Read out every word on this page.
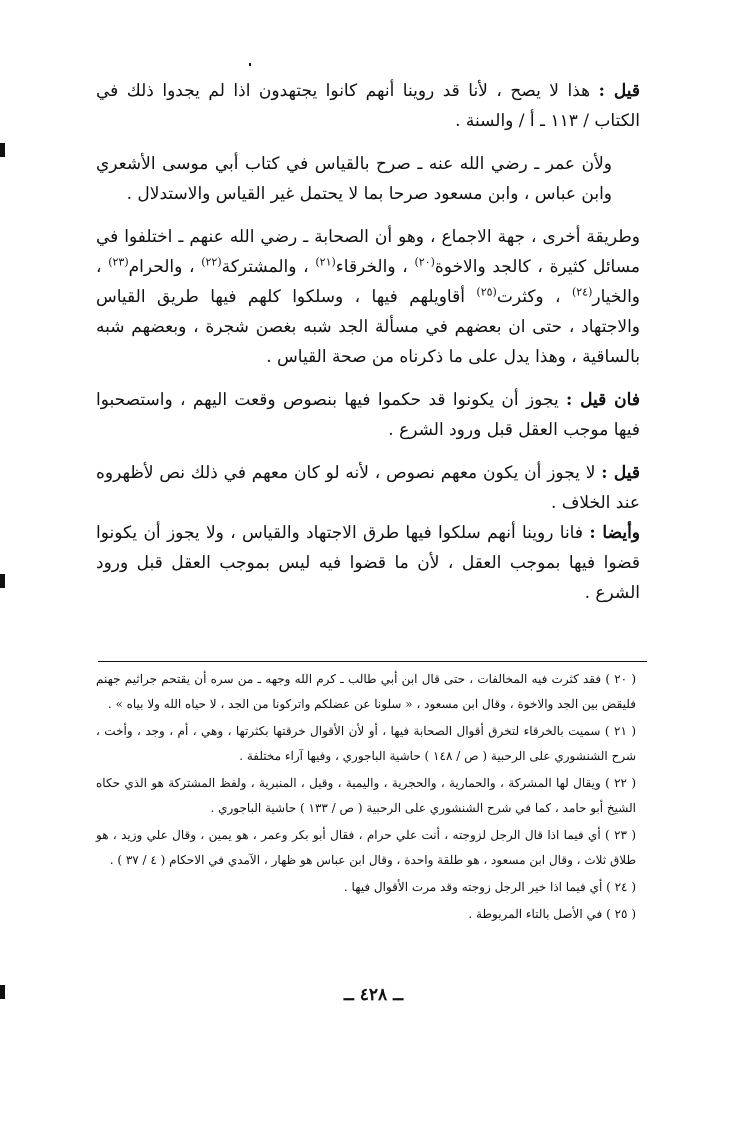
قيل : هذا لا يصح ، لأنا قد روينا أنهم كانوا يجتهدون اذا لم يجدوا ذلك في الكتاب / ١١٣ ـ أ / والسنة .

ولأن عمر ـ رضي الله عنه ـ صرح بالقياس في كتاب أبي موسى الأشعري وابن عباس ، وابن مسعود صرحا بما لا يحتمل غير القياس والاستدلال .

وطريقة أخرى ، جهة الاجماع ، وهو أن الصحابة ـ رضي الله عنهم ـ اختلفوا في مسائل كثيرة ، كالجد والاخوة$^{(٢٠)}$ ، والخرقاء$^{(٢١)}$ ، والمشتركة$^{(٢٢)}$ ، والحرام$^{(٢٣)}$ ، والخيار$^{(٢٤)}$ ، وكثرت$^{(٢٥)}$ أقاويلهم فيها ، وسلكوا كلهم فيها طريق القياس والاجتهاد ، حتى ان بعضهم في مسألة الجد شبه بغصن شجرة ، وبعضهم شبه بالساقية ، وهذا يدل على ما ذكرناه من صحة القياس .

فان قيل : يجوز أن يكونوا قد حكموا فيها بنصوص وقعت اليهم ، واستصحبوا فيها موجب العقل قبل ورود الشرع .

قيل : لا يجوز أن يكون معهم نصوص ، لأنه لو كان معهم في ذلك نص لأظهروه عند الخلاف .

وأيضا : فانا روينا أنهم سلكوا فيها طرق الاجتهاد والقياس ، ولا يجوز أن يكونوا قضوا فيها بموجب العقل ، لأن ما قضوا فيه ليس بموجب العقل قبل ورود الشرع .

( ٢٠ ) فقد كثرت فيه المخالفات ، حتى قال ابن أبي طالب ـ كرم الله وجهه ـ من سره أن يقتحم جراثيم جهنم فليقض بين الجد والاخوة ، وقال ابن مسعود ، « سلونا عن عضلكم واتركونا من الجد ، لا حياه الله ولا بياه » .

( ٢١ ) سميت بالخرقاء لتخرق أقوال الصحابة فيها ، أو لأن الأقوال خرقتها بكثرتها ، وهي ، أم ، وجد ، وأخت ، شرح الشنشوري على الرحبية ( ص / ١٤٨ ) حاشية الباجوري ، وفيها آراء مختلفة .

( ٢٢ ) ويقال لها المشركة ، والحمارية ، والحجرية ، واليمية ، وقيل ، المنبرية ، ولفظ المشتركة هو الذي حكاه الشيخ أبو حامد ، كما في شرح الشنشوري على الرحبية ( ص / ١٣٣ ) حاشية الباجوري .

( ٢٣ ) أي فيما اذا قال الرجل لزوجته ، أنت علي حرام ، فقال أبو بكر وعمر ، هو يمين ، وقال علي وزيد ، هو طلاق ثلاث ، وقال ابن مسعود ، هو طلقة واحدة ، وقال ابن عباس هو ظهار ، الآمدي في الاحكام ( ٤ / ٣٧ ) .

( ٢٤ ) أي فيما اذا خير الرجل زوجته وقد مرت الأقوال فيها .

( ٢٥ ) في الأصل بالتاء المربوطة .

ــ ٤٢٨ ــ
